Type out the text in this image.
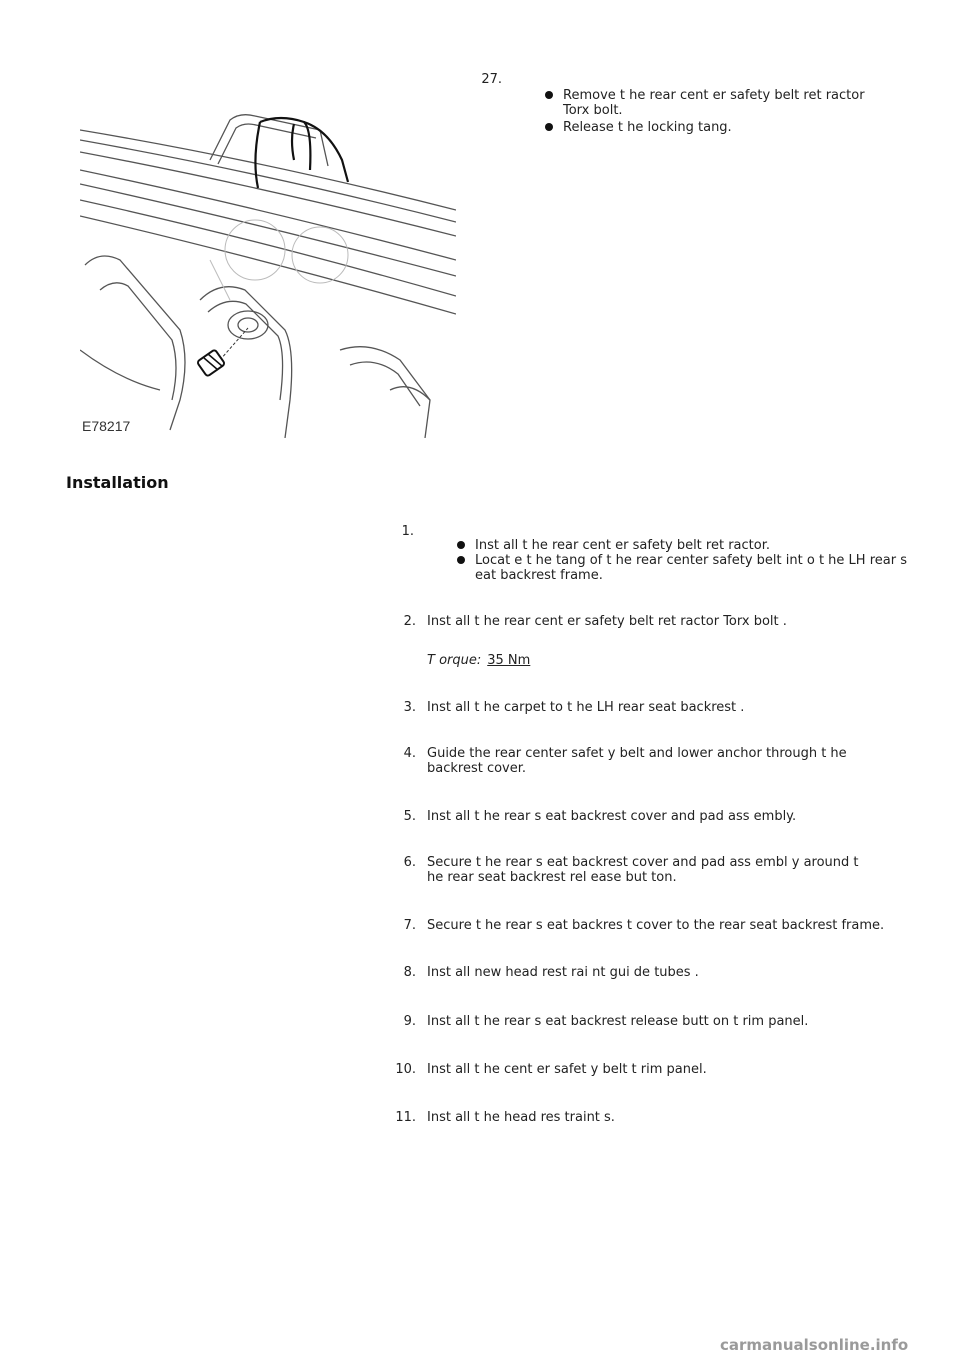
E78217
27.
Remove t he rear cent er safety belt ret ractor Torx bolt.
Release t he locking tang.
Installation
1.
Inst all t he rear cent er safety belt ret ractor.
Locat e t he tang of t he rear center safety belt int o t he LH rear s eat backrest frame.
2. Inst all t he rear cent er safety belt ret ractor Torx bolt .
T orque: 35 Nm
3. Inst all t he carpet to t he LH rear seat backrest .
4. Guide the rear center safet y belt and lower anchor through t he backrest cover.
5. Inst all t he rear s eat backrest cover and pad ass embly.
6. Secure t he rear s eat backrest cover and pad ass embl y around t he rear seat backrest rel ease but ton.
7. Secure t he rear s eat backres t cover to the rear seat backrest frame.
8. Inst all new head rest rai nt gui de tubes .
9. Inst all t he rear s eat backrest release butt on t rim panel.
10. Inst all t he cent er safet y belt t rim panel.
11. Inst all t he head res traint s.
carmanualsonline.info
